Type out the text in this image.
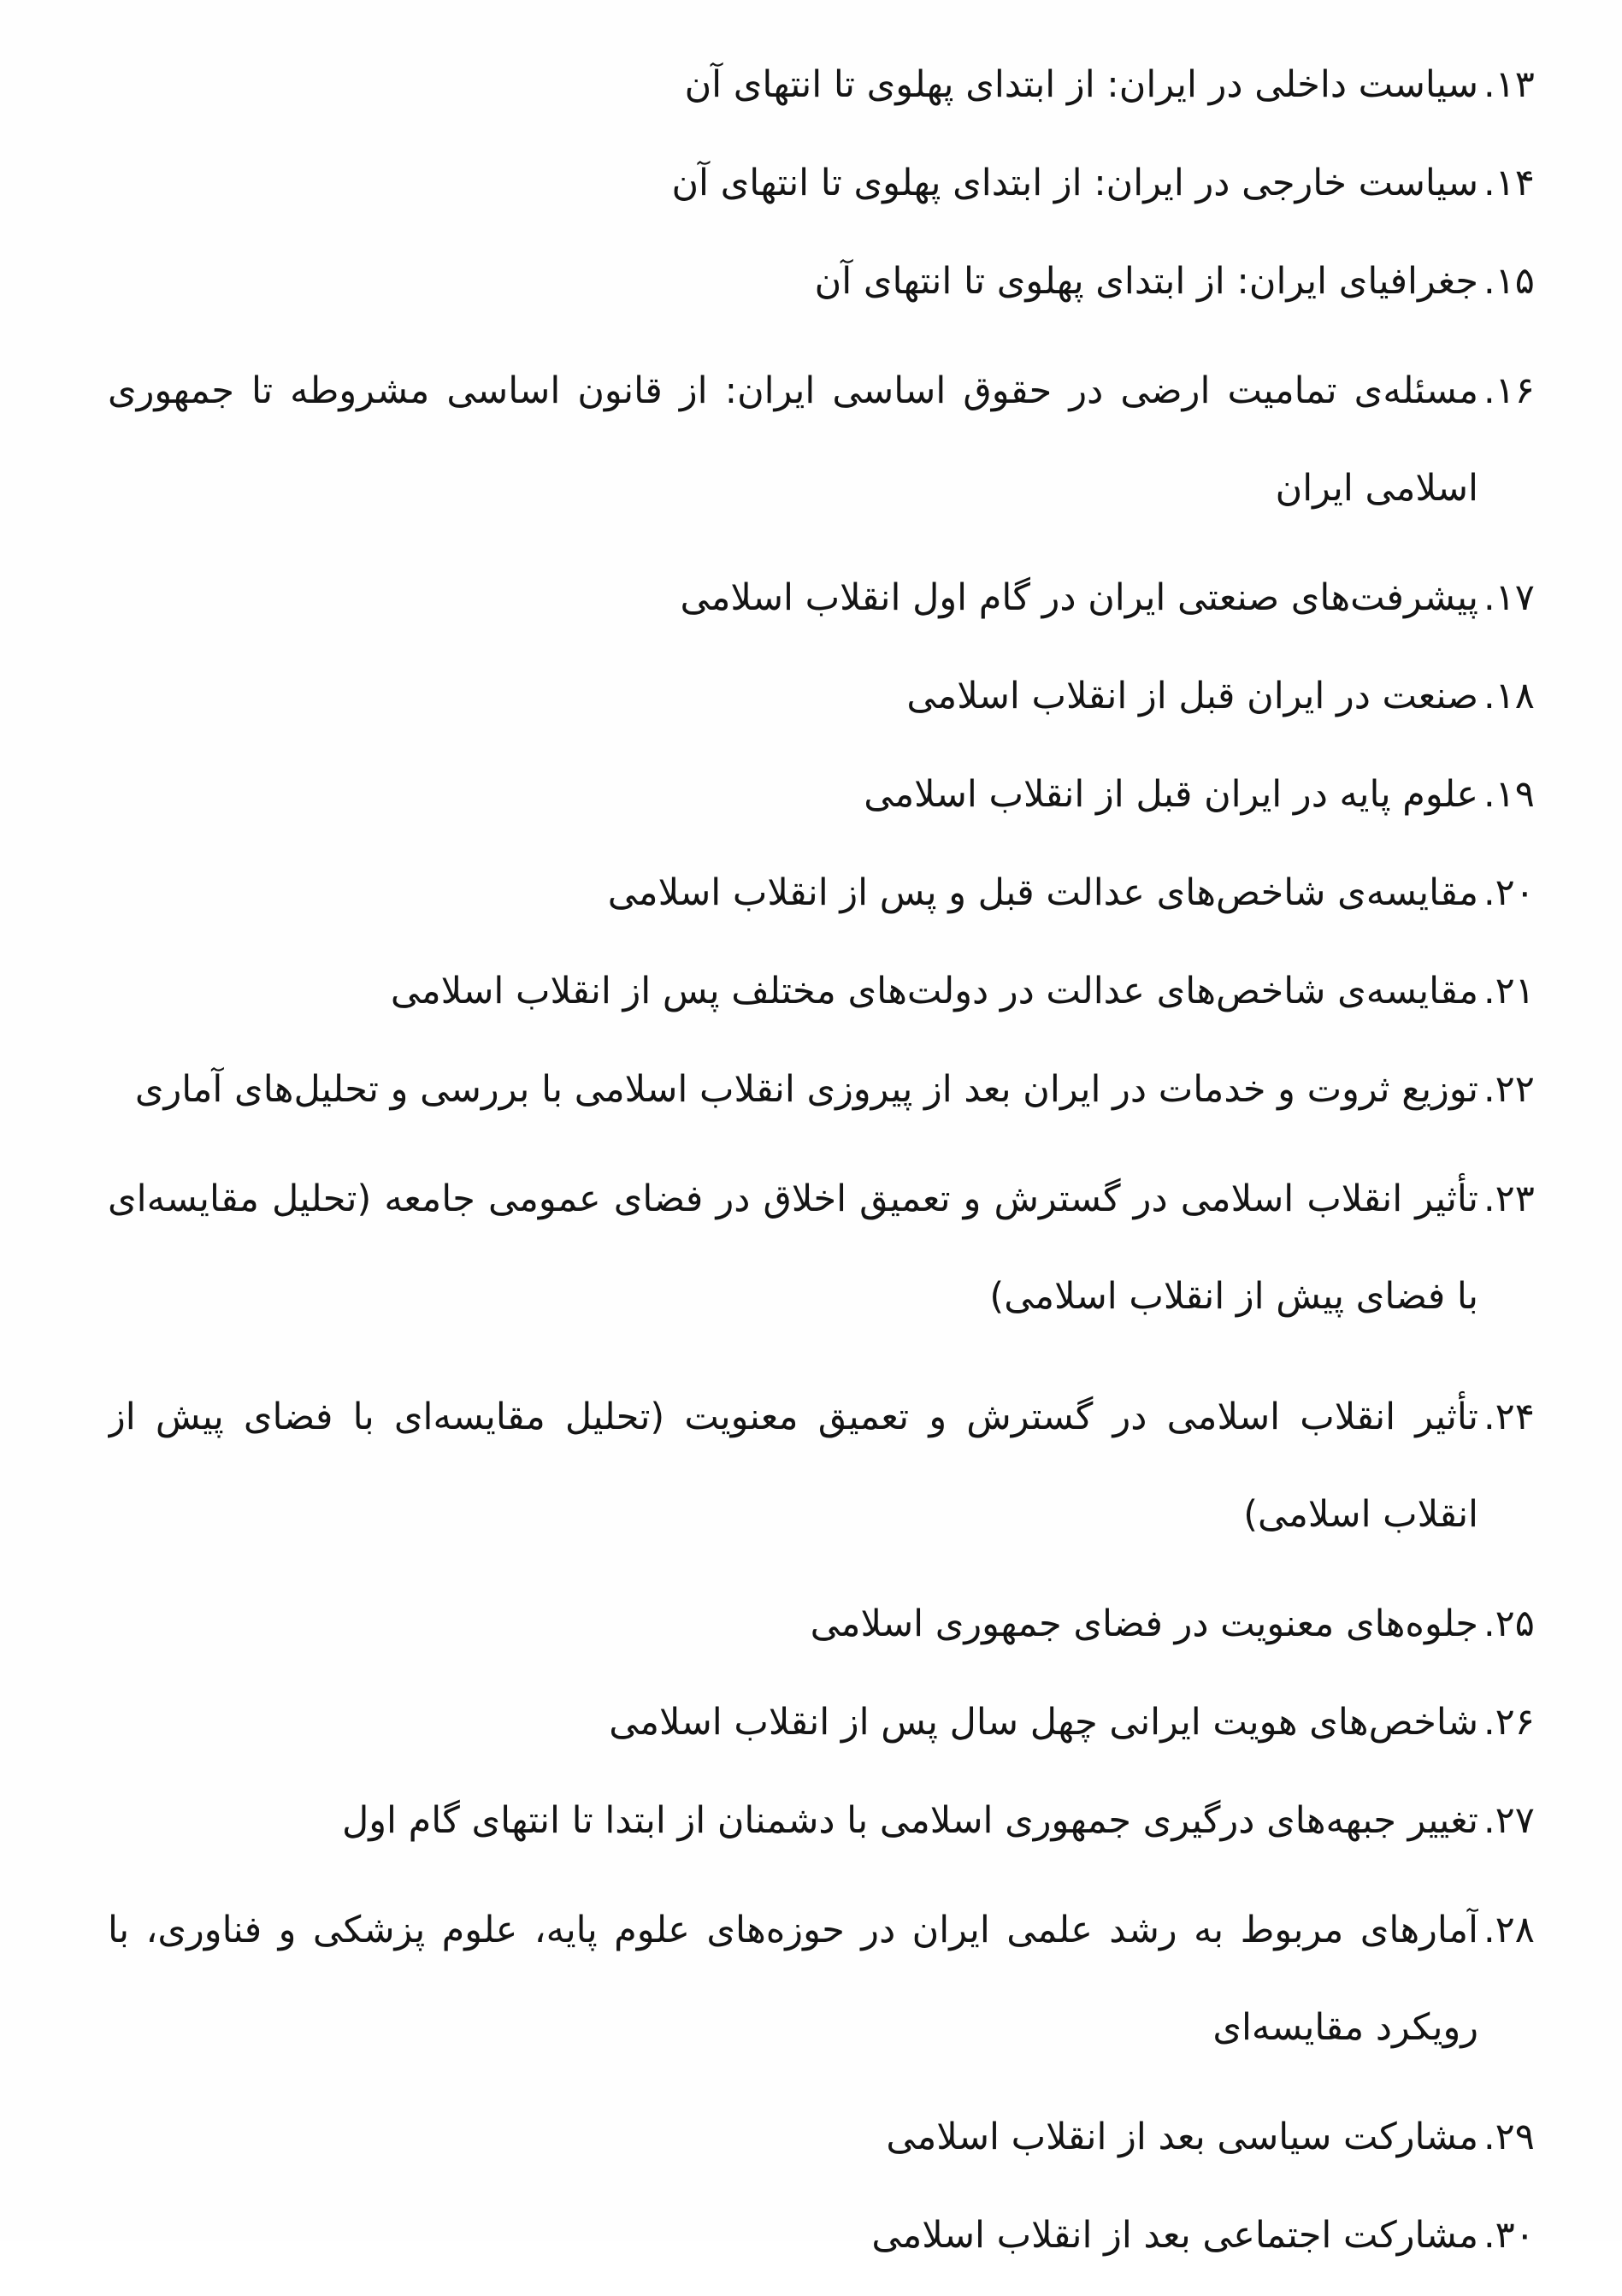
۱۳.
سیاست داخلی در ایران: از ابتدای پهلوی تا انتهای آن
۱۴.
سیاست خارجی در ایران: از ابتدای پهلوی تا انتهای آن
۱۵.
جغرافیای ایران: از ابتدای پهلوی تا انتهای آن
۱۶.
مسئله‌ی تمامیت ارضی در حقوق اساسی ایران: از قانون اساسی مشروطه تا جمهوری اسلامی ایران
۱۷.
پیشرفت‌های صنعتی ایران در گام اول انقلاب اسلامی
۱۸.
صنعت در ایران قبل از انقلاب اسلامی
۱۹.
علوم پایه در ایران قبل از انقلاب اسلامی
۲۰.
مقایسه‌ی شاخص‌های عدالت قبل و پس از انقلاب اسلامی
۲۱.
مقایسه‌ی شاخص‌های عدالت در دولت‌های مختلف پس از انقلاب اسلامی
۲۲.
توزیع ثروت و خدمات در ایران بعد از پیروزی انقلاب اسلامی با بررسی و تحلیل‌های آماری
۲۳.
تأثیر انقلاب اسلامی در گسترش و تعمیق اخلاق در فضای عمومی جامعه (تحلیل مقایسه‌ای با فضای پیش از انقلاب اسلامی)
۲۴.
تأثیر انقلاب اسلامی در گسترش و تعمیق معنویت (تحلیل مقایسه‌ای با فضای پیش از انقلاب اسلامی)
۲۵.
جلوه‌های معنویت در فضای جمهوری اسلامی
۲۶.
شاخص‌های هویت ایرانی چهل سال پس از انقلاب اسلامی
۲۷.
تغییر جبهه‌های درگیری جمهوری اسلامی با دشمنان از ابتدا تا انتهای گام اول
۲۸.
آمارهای مربوط به رشد علمی ایران در حوزه‌های علوم پایه، علوم پزشکی و فناوری، با رویکرد مقایسه‌ای
۲۹.
مشارکت سیاسی بعد از انقلاب اسلامی
۳۰.
مشارکت اجتماعی بعد از انقلاب اسلامی
